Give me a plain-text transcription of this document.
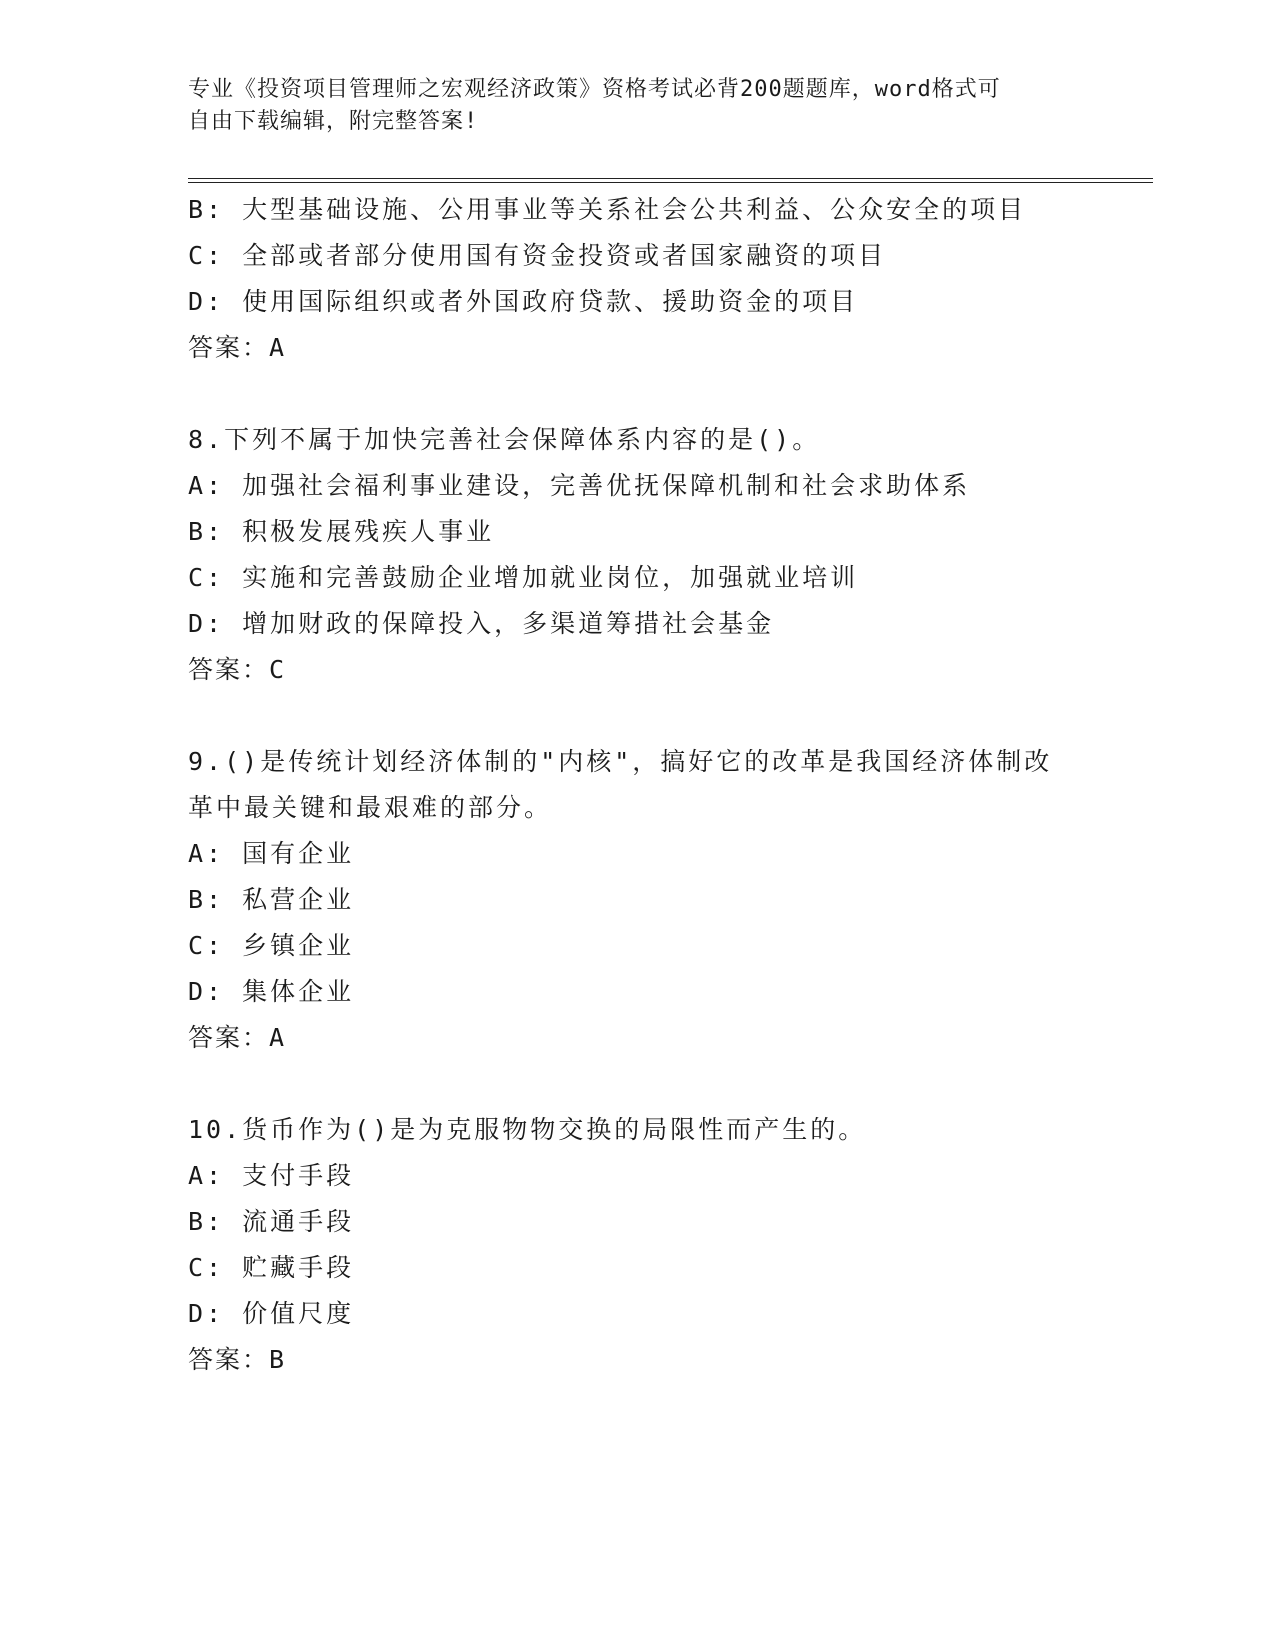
专业《投资项目管理师之宏观经济政策》资格考试必背200题题库，word格式可
自由下载编辑，附完整答案!
B: 大型基础设施、公用事业等关系社会公共利益、公众安全的项目
C: 全部或者部分使用国有资金投资或者国家融资的项目
D: 使用国际组织或者外国政府贷款、援助资金的项目
答案：A
8.下列不属于加快完善社会保障体系内容的是()。
A: 加强社会福利事业建设，完善优抚保障机制和社会求助体系
B: 积极发展残疾人事业
C: 实施和完善鼓励企业增加就业岗位，加强就业培训
D: 增加财政的保障投入，多渠道筹措社会基金
答案：C
9.()是传统计划经济体制的"内核"，搞好它的改革是我国经济体制改
革中最关键和最艰难的部分。
A: 国有企业
B: 私营企业
C: 乡镇企业
D: 集体企业
答案：A
10.货币作为()是为克服物物交换的局限性而产生的。
A: 支付手段
B: 流通手段
C: 贮藏手段
D: 价值尺度
答案：B
